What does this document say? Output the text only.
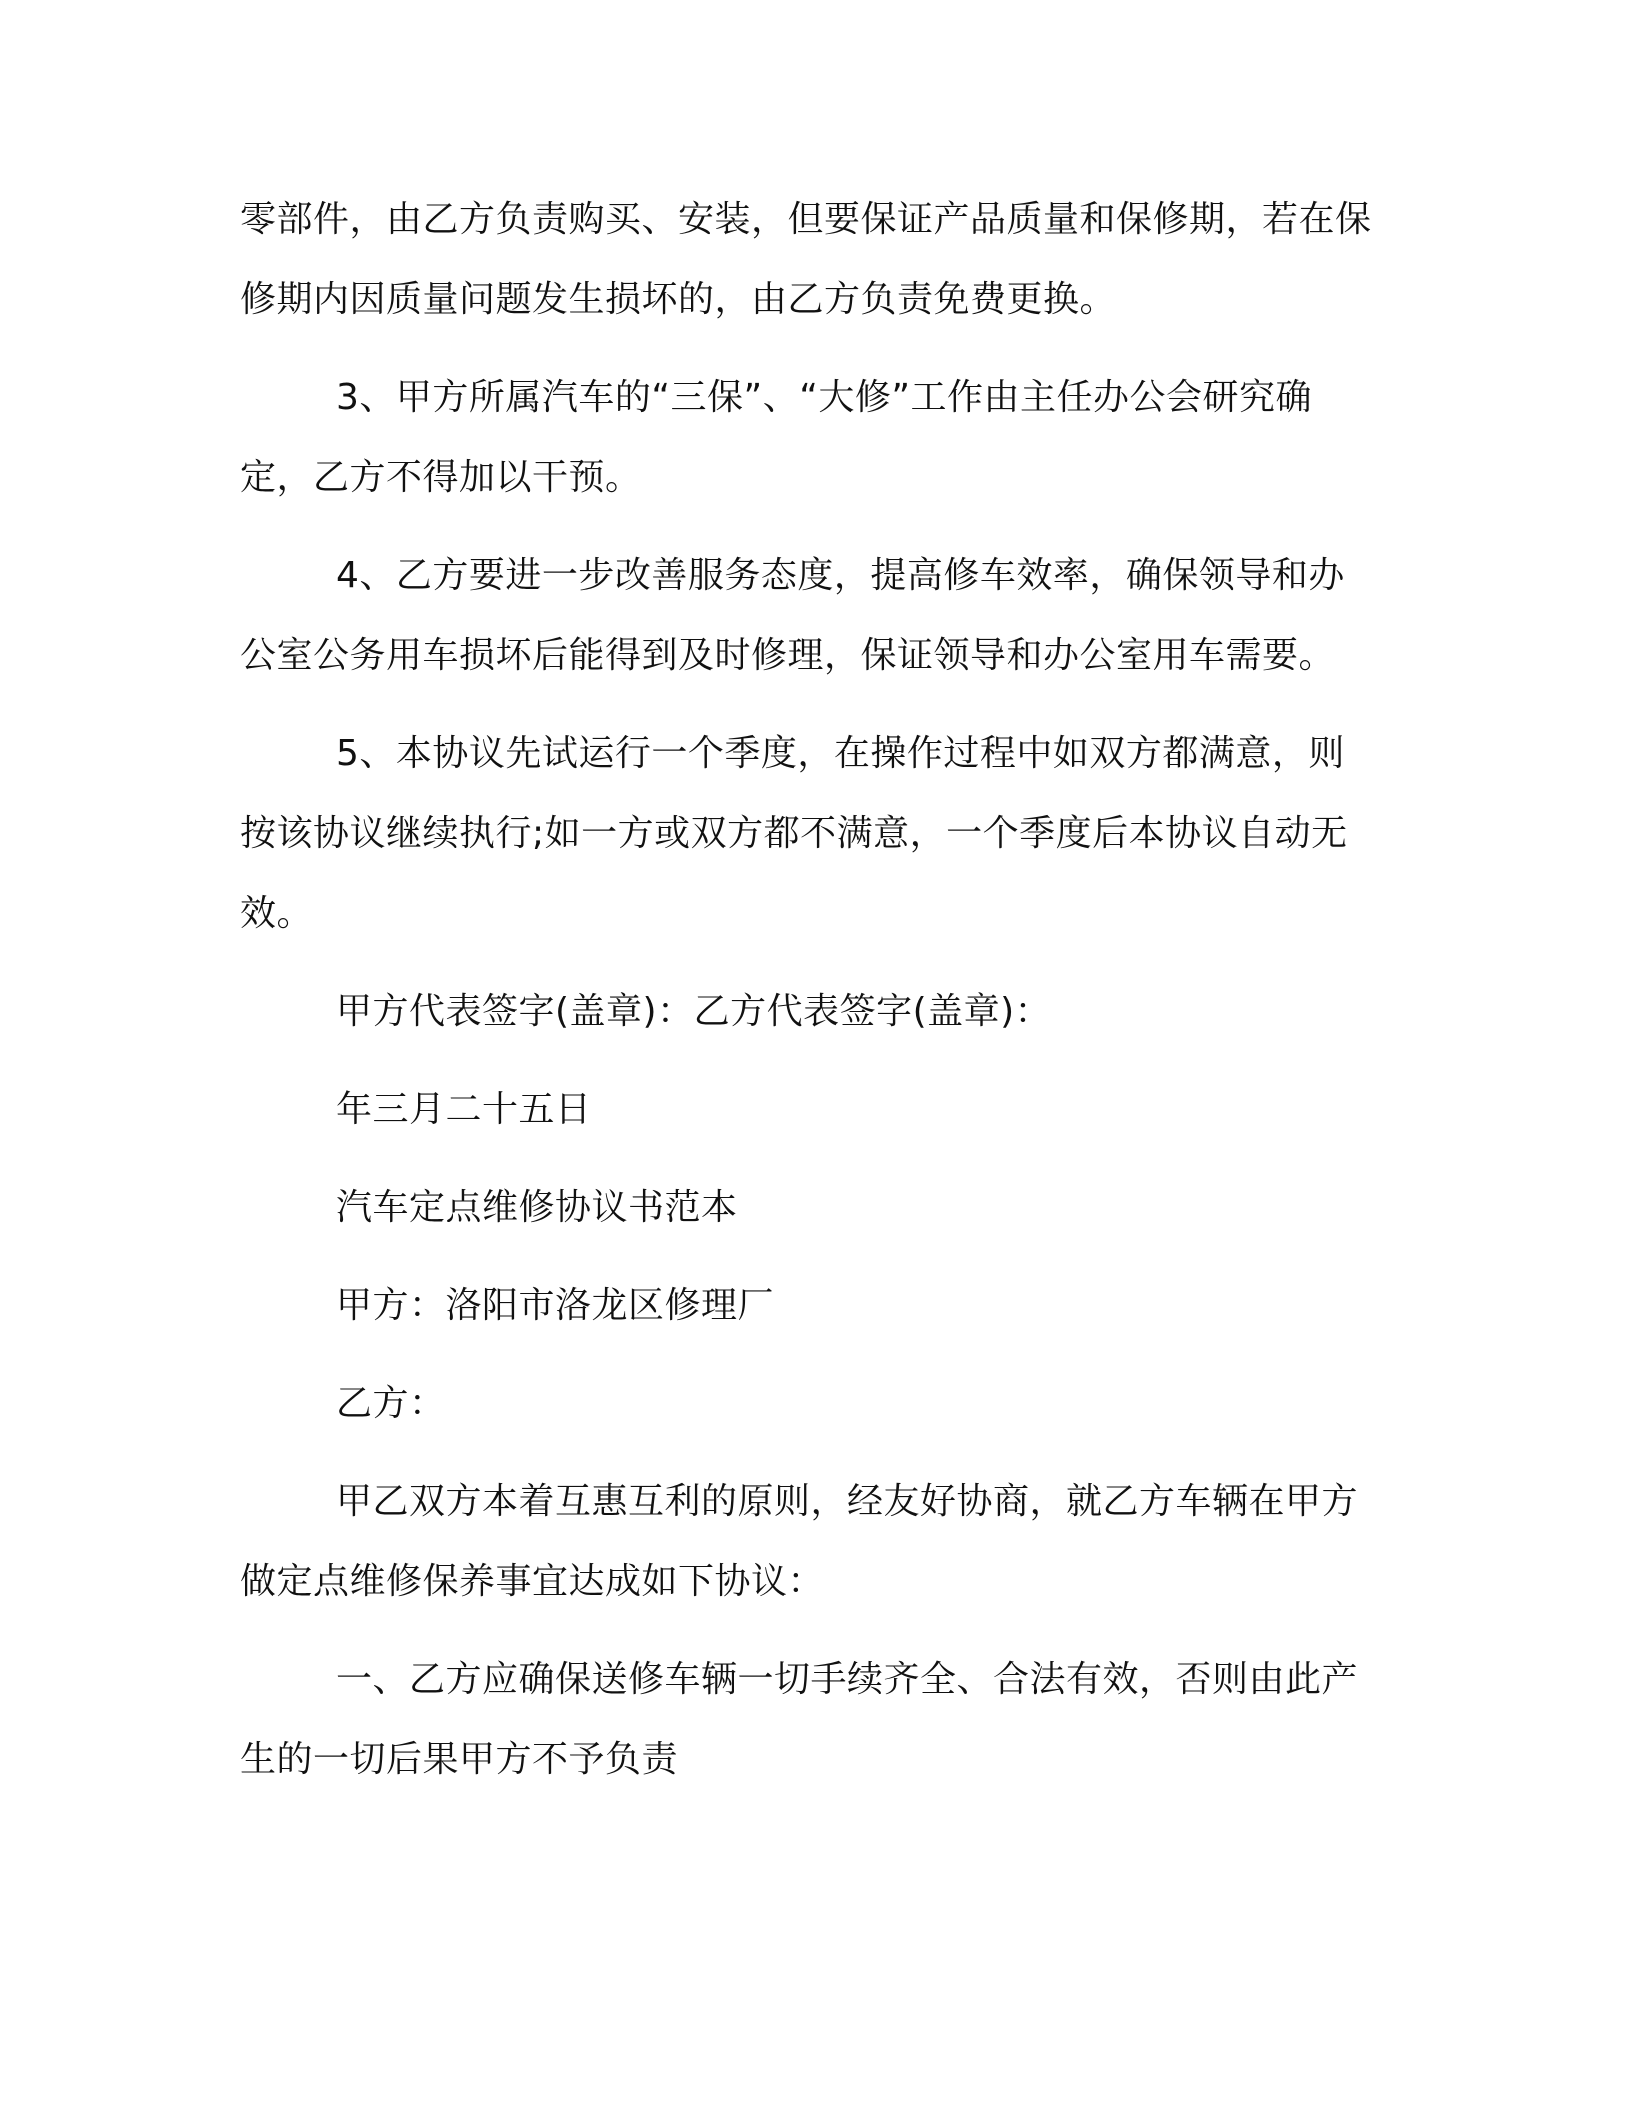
零部件，由乙方负责购买、安装，但要保证产品质量和保修期，若在保修期内因质量问题发生损坏的，由乙方负责免费更换。

3、甲方所属汽车的“三保”、“大修”工作由主任办公会研究确定，乙方不得加以干预。

4、乙方要进一步改善服务态度，提高修车效率，确保领导和办公室公务用车损坏后能得到及时修理，保证领导和办公室用车需要。

5、本协议先试运行一个季度，在操作过程中如双方都满意，则按该协议继续执行;如一方或双方都不满意，一个季度后本协议自动无效。

甲方代表签字(盖章)：乙方代表签字(盖章)：

年三月二十五日

汽车定点维修协议书范本

甲方：洛阳市洛龙区修理厂

乙方：

甲乙双方本着互惠互利的原则，经友好协商，就乙方车辆在甲方做定点维修保养事宜达成如下协议：

一、乙方应确保送修车辆一切手续齐全、合法有效，否则由此产生的一切后果甲方不予负责
